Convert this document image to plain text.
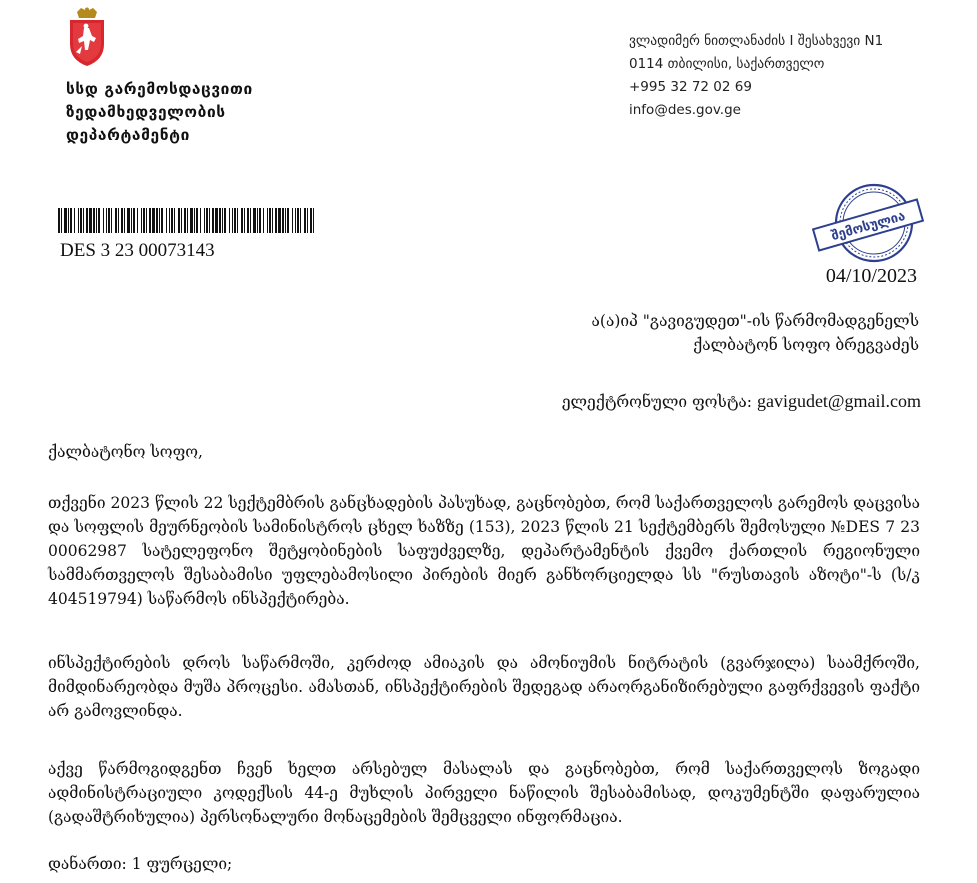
სსდ გარემოსდაცვითი
ზედამხედველობის
დეპარტამენტი
ვლადიმერ ნითლანაძის I შესახვევი N1
0114 თბილისი, საქართველო
+995 32 72 02 69
info@des.gov.ge
DES 3 23 00073143
შემოსულია
04/10/2023
ა(ა)იპ "გავიგუდეთ"-ის წარმომადგენელს
ქალბატონ სოფო ბრეგვაძეს
ელექტრონული ფოსტა: gavigudet@gmail.com
ქალბატონო სოფო,
თქვენი 2023 წლის 22 სექტემბრის განცხადების პასუხად, გაცნობებთ, რომ საქართველოს გარემოს დაცვისა და სოფლის მეურნეობის სამინისტროს ცხელ ხაზზე (153), 2023 წლის 21 სექტემბერს შემოსული №DES 7 23 00062987 სატელეფონო შეტყობინების საფუძველზე, დეპარტამენტის ქვემო ქართლის რეგიონული სამმართველოს შესაბამისი უფლებამოსილი პირების მიერ განხორციელდა სს "რუსთავის აზოტი"-ს (ს/კ 404519794) საწარმოს ინსპექტირება.
ინსპექტირების დროს საწარმოში, კერძოდ ამიაკის და ამონიუმის ნიტრატის (გვარჯილა) საამქროში, მიმდინარეობდა მუშა პროცესი. ამასთან, ინსპექტირების შედეგად არაორგანიზირებული გაფრქვევის ფაქტი არ გამოვლინდა.
აქვე წარმოგიდგენთ ჩვენ ხელთ არსებულ მასალას და გაცნობებთ, რომ საქართველოს ზოგადი ადმინისტრაციული კოდექსის 44-ე მუხლის პირველი ნაწილის შესაბამისად, დოკუმენტში დაფარულია (გადაშტრიხულია) პერსონალური მონაცემების შემცველი ინფორმაცია.
დანართი: 1 ფურცელი;
